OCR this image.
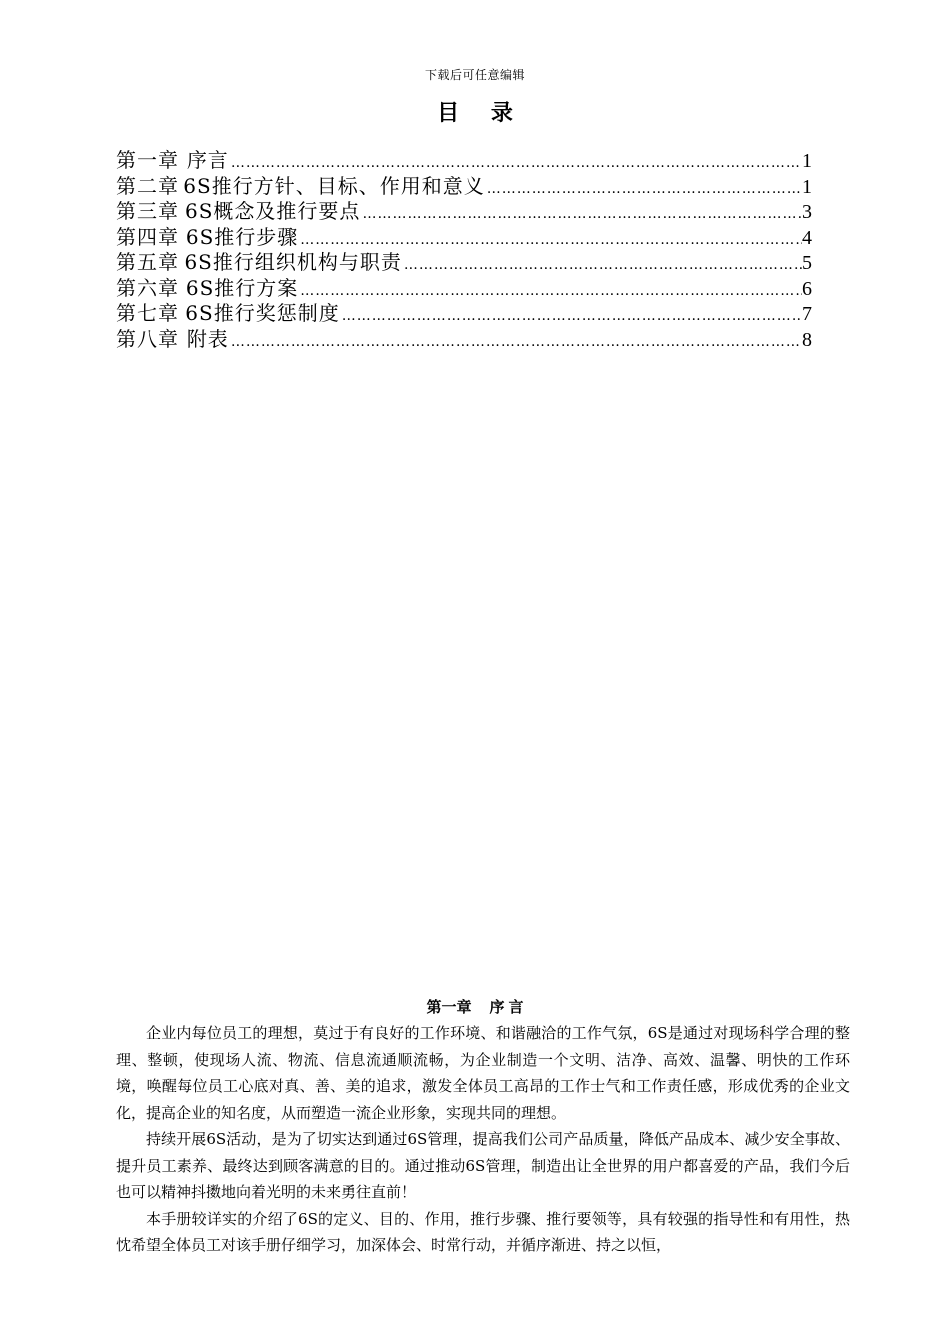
下载后可任意编辑
目 录
第一章 序言 ……………………………………………………………………………………………………………………………………………………………………………………	1
第二章 6S推行方针、目标、作用和意义 ……………………………………………………………………………………………………………………………………………………………………………………	1
第三章 6S概念及推行要点 ……………………………………………………………………………………………………………………………………………………………………………………	3
第四章 6S推行步骤 ……………………………………………………………………………………………………………………………………………………………………………………	4
第五章 6S推行组织机构与职责 ……………………………………………………………………………………………………………………………………………………………………………………	5
第六章 6S推行方案 ……………………………………………………………………………………………………………………………………………………………………………………	6
第七章 6S推行奖惩制度 ……………………………………………………………………………………………………………………………………………………………………………………	7
第八章 附表 ……………………………………………………………………………………………………………………………………………………………………………………	8
第一章 序 言

企业内每位员工的理想，莫过于有良好的工作环境、和谐融洽的工作气氛，6S是通过对现场科学合理的整理、整顿，使现场人流、物流、信息流通顺流畅，为企业制造一个文明、洁净、高效、温馨、明快的工作环境，唤醒每位员工心底对真、善、美的追求，激发全体员工高昂的工作士气和工作责任感，形成优秀的企业文化，提高企业的知名度，从而塑造一流企业形象，实现共同的理想。

持续开展6S活动，是为了切实达到通过6S管理，提高我们公司产品质量，降低产品成本、减少安全事故、提升员工素养、最终达到顾客满意的目的。通过推动6S管理，制造出让全世界的用户都喜爱的产品，我们今后也可以精神抖擞地向着光明的未来勇往直前！

本手册较详实的介绍了6S的定义、目的、作用，推行步骤、推行要领等，具有较强的指导性和有用性，热忱希望全体员工对该手册仔细学习，加深体会、时常行动，并循序渐进、持之以恒，
